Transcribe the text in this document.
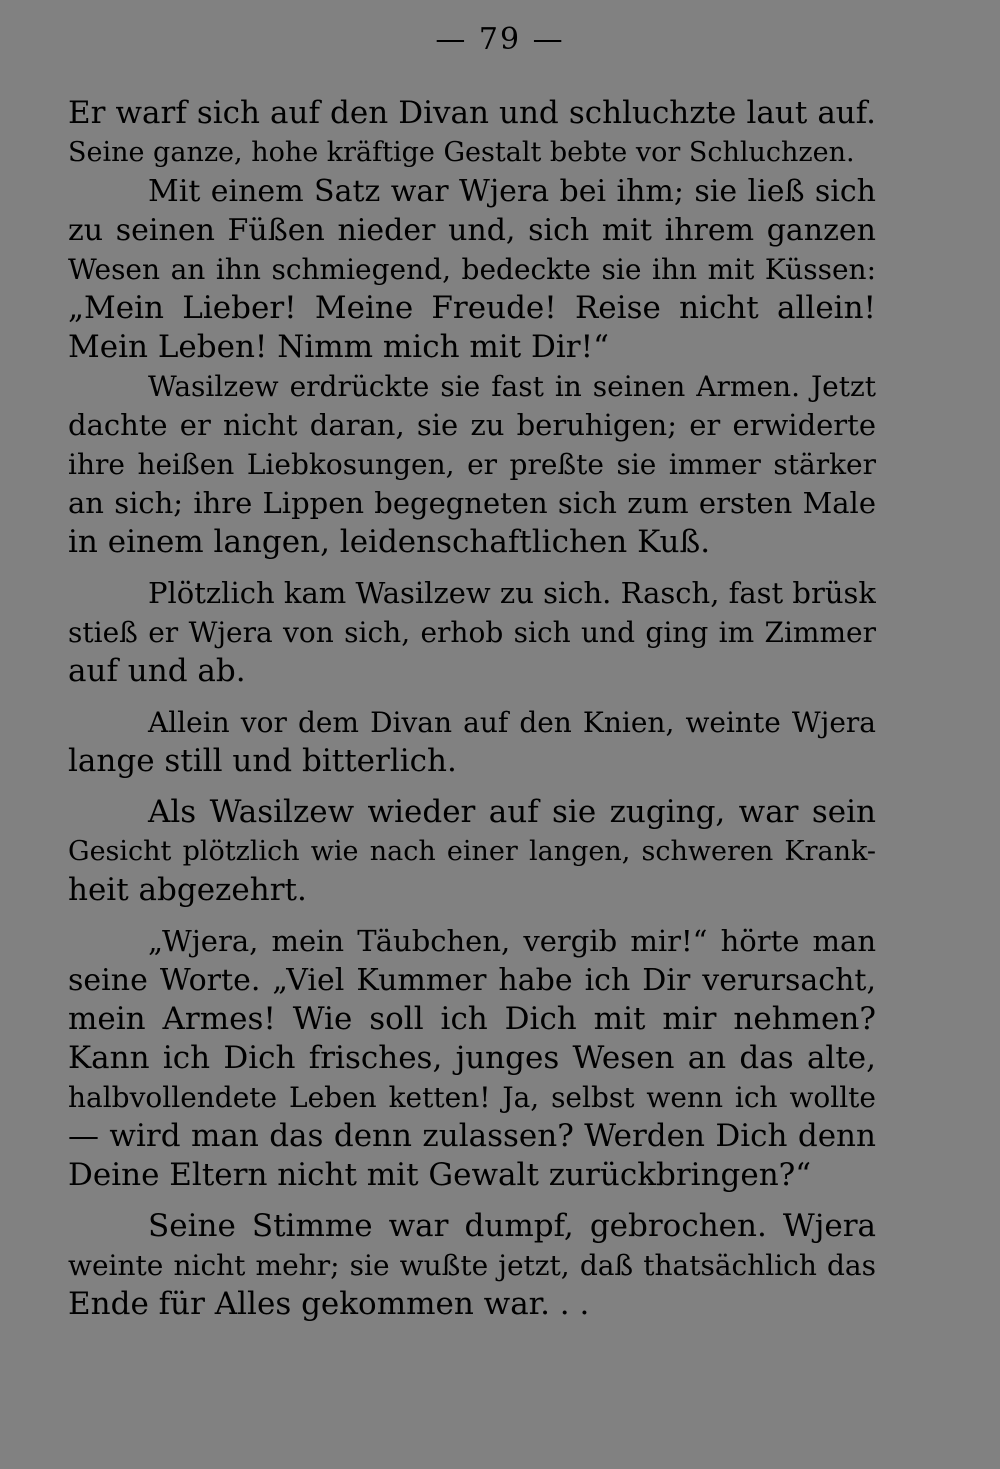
— 79 —
Er warf sich auf den Divan und schluchzte laut auf.
Seine ganze, hohe kräftige Gestalt bebte vor Schluchzen.
Mit einem Satz war Wjera bei ihm; sie ließ sich
zu seinen Füßen nieder und, sich mit ihrem ganzen
Wesen an ihn schmiegend, bedeckte sie ihn mit Küssen:
„Mein Lieber! Meine Freude! Reise nicht allein!
Mein Leben! Nimm mich mit Dir!“
Wasilzew erdrückte sie fast in seinen Armen. Jetzt
dachte er nicht daran, sie zu beruhigen; er erwiderte
ihre heißen Liebkosungen, er preßte sie immer stärker
an sich; ihre Lippen begegneten sich zum ersten Male
in einem langen, leidenschaftlichen Kuß.
Plötzlich kam Wasilzew zu sich. Rasch, fast brüsk
stieß er Wjera von sich, erhob sich und ging im Zimmer
auf und ab.
Allein vor dem Divan auf den Knien, weinte Wjera
lange still und bitterlich.
Als Wasilzew wieder auf sie zuging, war sein
Gesicht plötzlich wie nach einer langen, schweren Krank-
heit abgezehrt.
„Wjera, mein Täubchen, vergib mir!“ hörte man
seine Worte. „Viel Kummer habe ich Dir verursacht,
mein Armes! Wie soll ich Dich mit mir nehmen?
Kann ich Dich frisches, junges Wesen an das alte,
halbvollendete Leben ketten! Ja, selbst wenn ich wollte
— wird man das denn zulassen? Werden Dich denn
Deine Eltern nicht mit Gewalt zurückbringen?“
Seine Stimme war dumpf, gebrochen. Wjera
weinte nicht mehr; sie wußte jetzt, daß thatsächlich das
Ende für Alles gekommen war. . .
